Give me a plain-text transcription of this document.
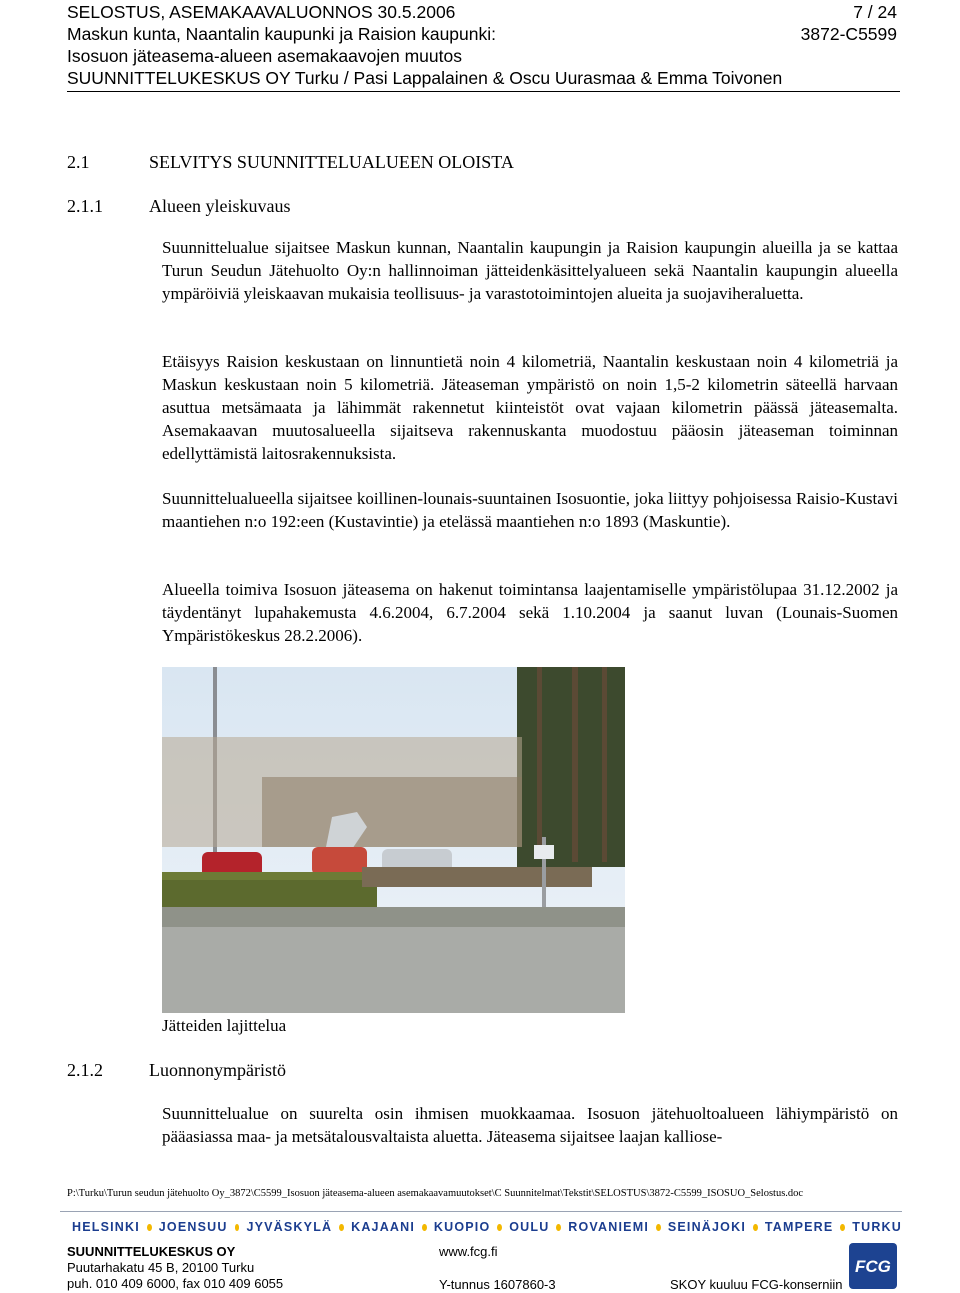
SELOSTUS, ASEMAKAAVALUONNOS 30.5.2006	7 / 24
Maskun kunta, Naantalin kaupunki ja Raision kaupunki:	3872-C5599
Isosuon jäteasema-alueen asemakaavojen muutos
SUUNNITTELUKESKUS OY Turku / Pasi Lappalainen & Oscu Uurasmaa & Emma Toivonen
2.1	SELVITYS SUUNNITTELUALUEEN OLOISTA
2.1.1	Alueen yleiskuvaus

Suunnittelualue sijaitsee Maskun kunnan, Naantalin kaupungin ja Raision kaupungin alueilla ja se kattaa Turun Seudun Jätehuolto Oy:n hallinnoiman jätteidenkäsittelyalueen sekä Naantalin kaupungin alueella ympäröiviä yleiskaavan mukaisia teollisuus- ja varastotoimintojen alueita ja suojaviheraluetta.

Etäisyys Raision keskustaan on linnuntietä noin 4 kilometriä, Naantalin keskustaan noin 4 kilometriä ja Maskun keskustaan noin 5 kilometriä. Jäteaseman ympäristö on noin 1,5-2 kilometrin säteellä harvaan asuttua metsämaata ja lähimmät rakennetut kiinteistöt ovat vajaan kilometrin päässä jäteasemalta. Asemakaavan muutosalueella sijaitseva rakennuskanta muodostuu pääosin jäteaseman toiminnan edellyttämistä laitosrakennuksista.

Suunnittelualueella sijaitsee koillinen-lounais-suuntainen Isosuontie, joka liittyy pohjoisessa Raisio-Kustavi maantiehen n:o 192:een (Kustavintie) ja etelässä maantiehen n:o 1893 (Maskuntie).

Alueella toimiva Isosuon jäteasema on hakenut toimintansa laajentamiselle ympäristölupaa 31.12.2002 ja täydentänyt lupahakemusta 4.6.2004, 6.7.2004 sekä 1.10.2004 ja saanut luvan (Lounais-Suomen Ympäristökeskus 28.2.2006).

Jätteiden lajittelua
2.1.2	Luonnonympäristö

Suunnittelualue on suurelta osin ihmisen muokkaamaa. Isosuon jätehuoltoalueen lähiympäristö on pääasiassa maa- ja metsätalousvaltaista aluetta. Jäteasema sijaitsee laajan kalliose-

P:\Turku\Turun seudun jätehuolto Oy_3872\C5599_Isosuon jäteasema-alueen asemakaavamuutokset\C Suunnitelmat\Tekstit\SELOSTUS\3872-C5599_ISOSUO_Selostus.doc
HELSINKI JOENSUU JYVÄSKYLÄ KAJAANI KUOPIO OULU ROVANIEMI SEINÄJOKI TAMPERE TURKU
SUUNNITTELUKESKUS OY
Puutarhakatu 45 B, 20100 Turku
puh. 010 409 6000, fax 010 409 6055
www.fcg.fi
Y-tunnus 1607860-3	SKOY kuuluu FCG-konserniin
FCG
